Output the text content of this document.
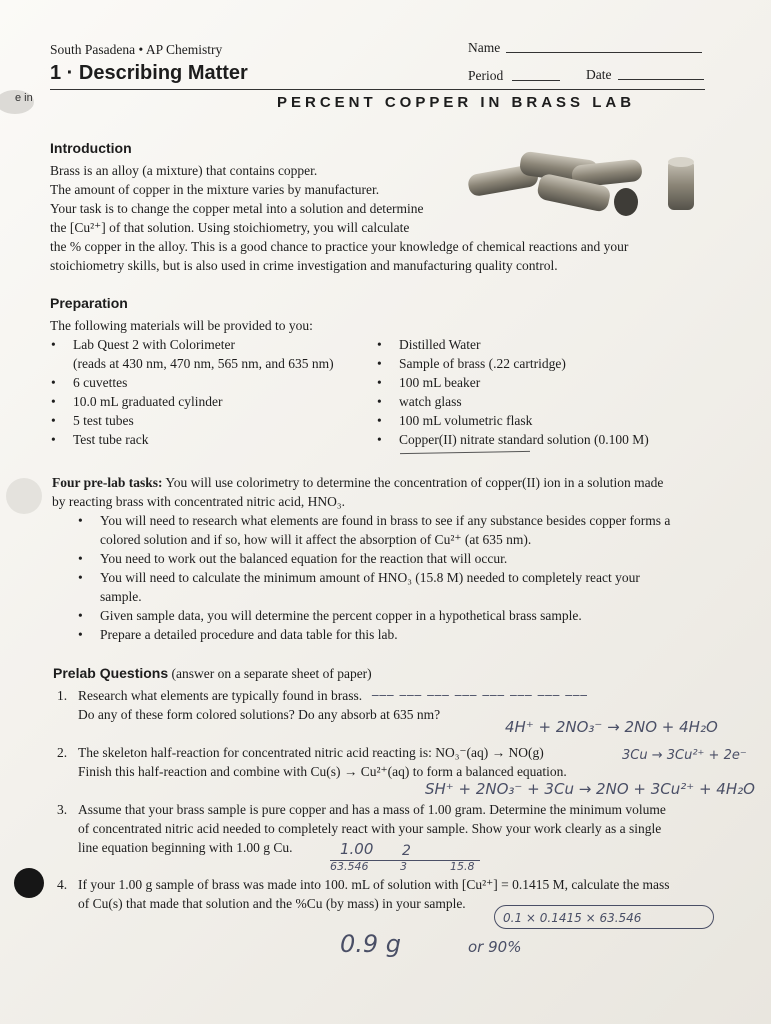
South Pasadena • AP Chemistry
1 · Describing Matter
Name
Period	Date
e in	PERCENT COPPER IN BRASS LAB
Introduction
Brass is an alloy (a mixture) that contains copper.
The amount of copper in the mixture varies by manufacturer.
Your task is to change the copper metal into a solution and determine
the [Cu²⁺] of that solution. Using stoichiometry, you will calculate
the % copper in the alloy. This is a good chance to practice your knowledge of chemical reactions and your
stoichiometry skills, but is also used in crime investigation and manufacturing quality control.
Preparation
The following materials will be provided to you:
• Lab Quest 2 with Colorimeter
(reads at 430 nm, 470 nm, 565 nm, and 635 nm)
• 6 cuvettes
• 10.0 mL graduated cylinder
• 5 test tubes
• Test tube rack
• Distilled Water
• Sample of brass (.22 cartridge)
• 100 mL beaker
• watch glass
• 100 mL volumetric flask
• Copper(II) nitrate standard solution (0.100 M)
Four pre-lab tasks: You will use colorimetry to determine the concentration of copper(II) ion in a solution made
by reacting brass with concentrated nitric acid, HNO₃.
• You will need to research what elements are found in brass to see if any substance besides copper forms a
colored solution and if so, how will it affect the absorption of Cu²⁺ (at 635 nm).
• You need to work out the balanced equation for the reaction that will occur.
• You will need to calculate the minimum amount of HNO₃ (15.8 M) needed to completely react your
sample.
• Given sample data, you will determine the percent copper in a hypothetical brass sample.
• Prepare a detailed procedure and data table for this lab.
Prelab Questions (answer on a separate sheet of paper)
1. Research what elements are typically found in brass.
Do any of these form colored solutions? Do any absorb at 635 nm?
___ ___ ___ ___ ___ ___ ___ ___
4H⁺ + 2NO₃⁻ → 2NO + 4H₂O
2. The skeleton half-reaction for concentrated nitric acid reacting is: NO₃⁻(aq) → NO(g)
Finish this half-reaction and combine with Cu(s) → Cu²⁺(aq) to form a balanced equation.
3Cu → 3Cu²⁺ + 2e⁻
SH⁺ + 2NO₃⁻ + 3Cu → 2NO + 3Cu²⁺ + 4H₂O
3. Assume that your brass sample is pure copper and has a mass of 1.00 gram. Determine the minimum volume
of concentrated nitric acid needed to completely react with your sample. Show your work clearly as a single
line equation beginning with 1.00 g Cu.	1.00 2
63.546	3	15.8
4. If your 1.00 g sample of brass was made into 100. mL of solution with [Cu²⁺] = 0.1415 M, calculate the mass
of Cu(s) that made that solution and the %Cu (by mass) in your sample.
0.1 × 0.1415 × 63.546
0.9 g	or 90%
